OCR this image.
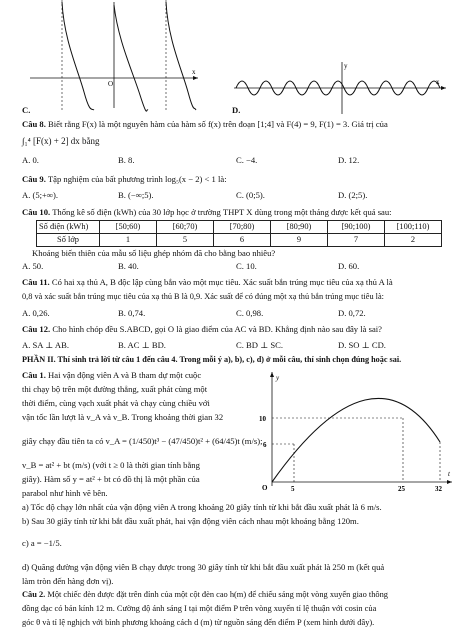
x
O
C.
x
y
D.
Câu 8. Biết rằng F(x) là một nguyên hàm của hàm số f(x) trên đoạn [1;4] và F(4) = 9, F(1) = 3. Giá trị của
∫₁⁴ [F(x) + 2] dx bằng
A. 0.	B. 8.	C. −4.	D. 12.
Câu 9. Tập nghiệm của bất phương trình log₅(x − 2) < 1 là:
A. (5;+∞).	B. (−∞;5).	C. (0;5).	D. (2;5).
Câu 10. Thống kê số điện (kWh) của 30 lớp học ở trường THPT X dùng trong một tháng được kết quả sau:
Số điện (kWh)	[50;60)	[60;70)	[70;80)	[80;90)	[90;100)	[100;110)
Số lớp	1	5	6	9	7	2
Khoảng biến thiên của mẫu số liệu ghép nhóm đã cho bằng bao nhiêu?
A. 50.	B. 40.	C. 10.	D. 60.
Câu 11. Có hai xạ thủ A, B độc lập cùng bắn vào một mục tiêu. Xác suất bắn trúng mục tiêu của xạ thủ A là
0,8 và xác suất bắn trúng mục tiêu của xạ thủ B là 0,9. Xác suất để có đúng một xạ thủ bắn trúng mục tiêu là:
A. 0,26.	B. 0,74.	C. 0,98.	D. 0,72.
Câu 12. Cho hình chóp đều S.ABCD, gọi O là giao điểm của AC và BD. Khẳng định nào sau đây là sai?
A. SA ⊥ AB.	B. AC ⊥ BD.	C. BD ⊥ SC.	D. SO ⊥ CD.
PHẦN II. Thí sinh trả lời từ câu 1 đến câu 4. Trong mỗi ý a), b), c), d) ở mỗi câu, thí sinh chọn đúng hoặc sai.
Câu 1. Hai vận động viên A và B tham dự một cuộc
thi chạy bộ trên một đường thẳng, xuất phát cùng một
thời điểm, cùng vạch xuất phát và chạy cùng chiều với
vận tốc lần lượt là v_A và v_B. Trong khoảng thời gian 32
giây chạy đầu tiên ta có v_A = (1/450)t³ − (47/450)t² + (64/45)t (m/s);
v_B = at² + bt (m/s) (với t ≥ 0 là thời gian tính bằng
giây). Hàm số y = at² + bt có đồ thị là một phần của
parabol như hình vẽ bên.
y
t
O
10
6
5	25	32
a) Tốc độ chạy lớn nhất của vận động viên A trong khoảng 20 giây tính từ khi bắt đầu xuất phát là 6 m/s.
b) Sau 30 giây tính từ khi bắt đầu xuất phát, hai vận động viên cách nhau một khoảng bằng 120m.
c) a = −1/5.
d) Quãng đường vận động viên B chạy được trong 30 giây tính từ khi bắt đầu xuất phát là 250 m (kết quả
làm tròn đến hàng đơn vị).
Câu 2. Một chiếc đèn được đặt trên đỉnh của một cột đèn cao h(m) để chiếu sáng một vòng xuyến giao thông
đồng dạc có bán kính 12 m. Cường độ ánh sáng I tại một điểm P trên vòng xuyến tỉ lệ thuận với cosin của
góc θ và tỉ lệ nghịch với bình phương khoảng cách d (m) từ nguồn sáng đến điểm P (xem hình dưới đây).
